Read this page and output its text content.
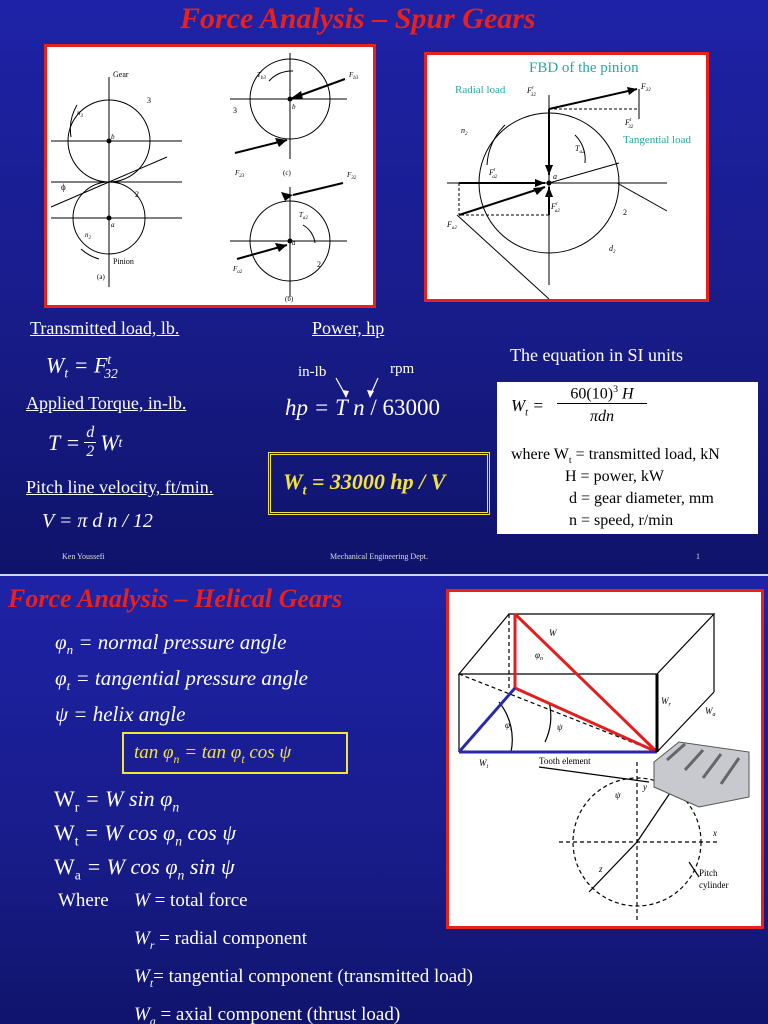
Force Analysis – Spur Gears
Gear
Pinion
3
2
b
a
ϕ
$n_3$
$n_2$
(a)
(b)
(c)
b
3
a
2
$T_{b3}$	$F_{b3}$
$F_{23}$	$F_{32}$
$T_{a2}$
$F_{a2}$
FBD of the pinion
Radial load
Tangential load
$F^r$ 32
$F_{32}$
$F^t$ 32
$n_2$
$T_{a2}$
$F^t$ a2
$F^r$ a2
$F_{a2}$
a
2
$d_2$
Transmitted load, lb.
$W_t = F^t_{32}$
Applied Torque, in-lb.
$T = \frac{d}{2}$ W t
Pitch line velocity, ft/min.
V = π d n / 12
Power, hp
in-lb	rpm
hp = T n / 63000
$W_t = 33000$ hp / V
The equation in SI units
$W_t$ =
$60(10)^3$ H
πdn
where $W_t$ = transmitted load, kN
H = power, kW
d = gear diameter, mm
n = speed, r/min
Ken Youssefi	Mechanical Engineering Dept.	1
Force Analysis – Helical Gears
$\varphi_n$ = normal pressure angle
$\varphi_t$ = tangential pressure angle
ψ = helix angle
$\tan \varphi_n = \tan \varphi_t$ cos ψ
$W_r = W$ $\sin \varphi_n$
$W_t = W$ $\cos \varphi_n$ cos ψ
$W_a = W$ $\cos \varphi_n$ sin ψ
Where W = total force
$W_r$ = radial component
$W_t=$ tangential component (transmitted load)
$W_a$ = axial component (thrust load)
W
$W_r$
$W_a$
$W_t$
$\varphi_n$
$\varphi_t$	ψ
ψ
Tooth element
Pitch
cylinder
x
y
z
